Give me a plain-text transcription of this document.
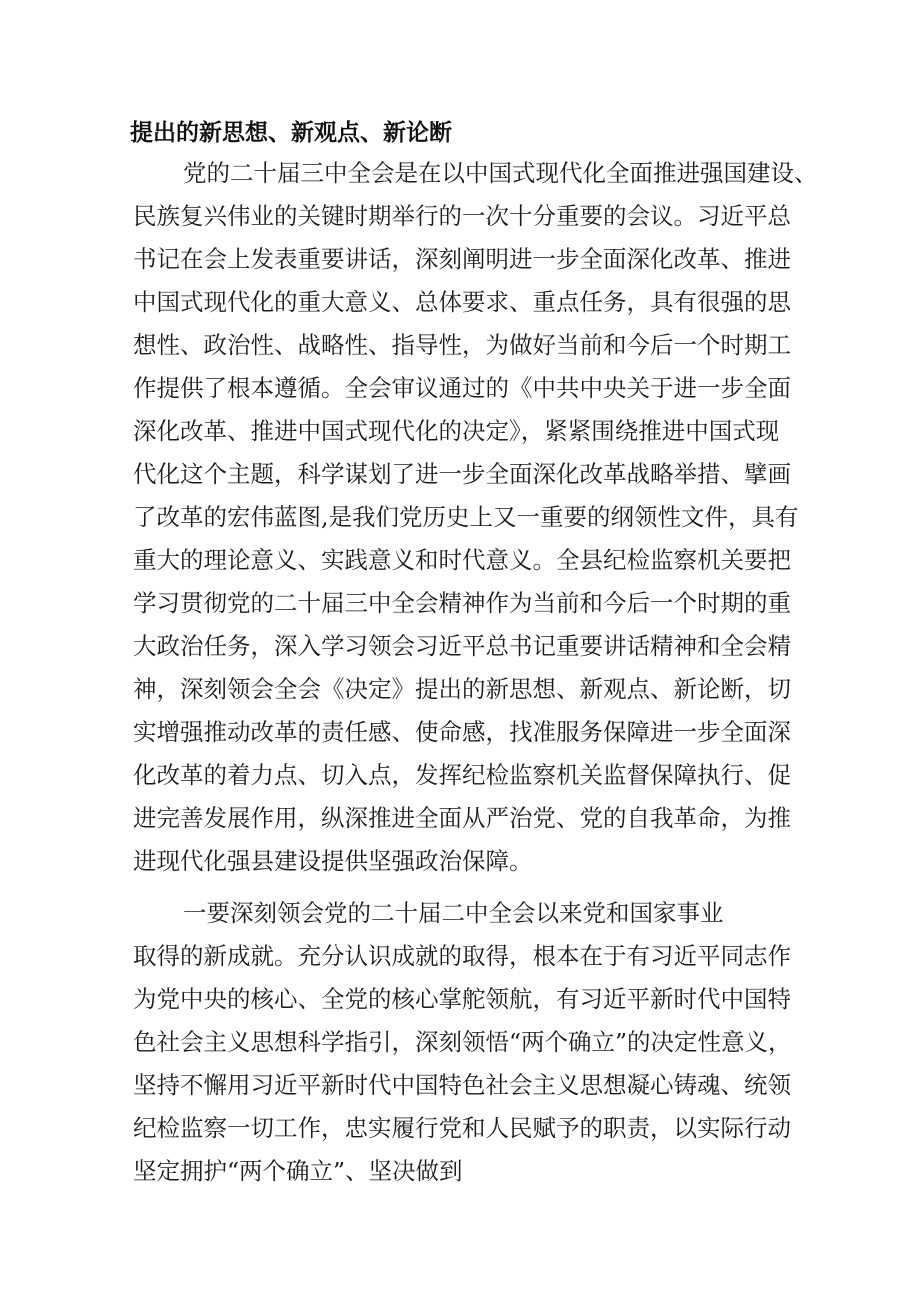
提出的新思想、新观点、新论断

党的二十届三中全会是在以中国式现代化全面推进强国建设、

民族复兴伟业的关键时期举行的一次十分重要的会议。习近平总

书记在会上发表重要讲话，深刻阐明进一步全面深化改革、推进

中国式现代化的重大意义、总体要求、重点任务，具有很强的思

想性、政治性、战略性、指导性，为做好当前和今后一个时期工

作提供了根本遵循。全会审议通过的《中共中央关于进一步全面

深化改革、推进中国式现代化的决定》，紧紧围绕推进中国式现

代化这个主题，科学谋划了进一步全面深化改革战略举措、擘画

了改革的宏伟蓝图,是我们党历史上又一重要的纲领性文件，具有

重大的理论意义、实践意义和时代意义。全县纪检监察机关要把

学习贯彻党的二十届三中全会精神作为当前和今后一个时期的重

大政治任务，深入学习领会习近平总书记重要讲话精神和全会精

神，深刻领会全会《决定》提出的新思想、新观点、新论断，切

实增强推动改革的责任感、使命感，找准服务保障进一步全面深

化改革的着力点、切入点，发挥纪检监察机关监督保障执行、促

进完善发展作用，纵深推进全面从严治党、党的自我革命，为推

进现代化强县建设提供坚强政治保障。

一要深刻领会党的二十届二中全会以来党和国家事业

取得的新成就。充分认识成就的取得，根本在于有习近平同志作

为党中央的核心、全党的核心掌舵领航，有习近平新时代中国特

色社会主义思想科学指引，深刻领悟“两个确立”的决定性意义，

坚持不懈用习近平新时代中国特色社会主义思想凝心铸魂、统领

纪检监察一切工作，忠实履行党和人民赋予的职责，以实际行动

坚定拥护“两个确立”、坚决做到
